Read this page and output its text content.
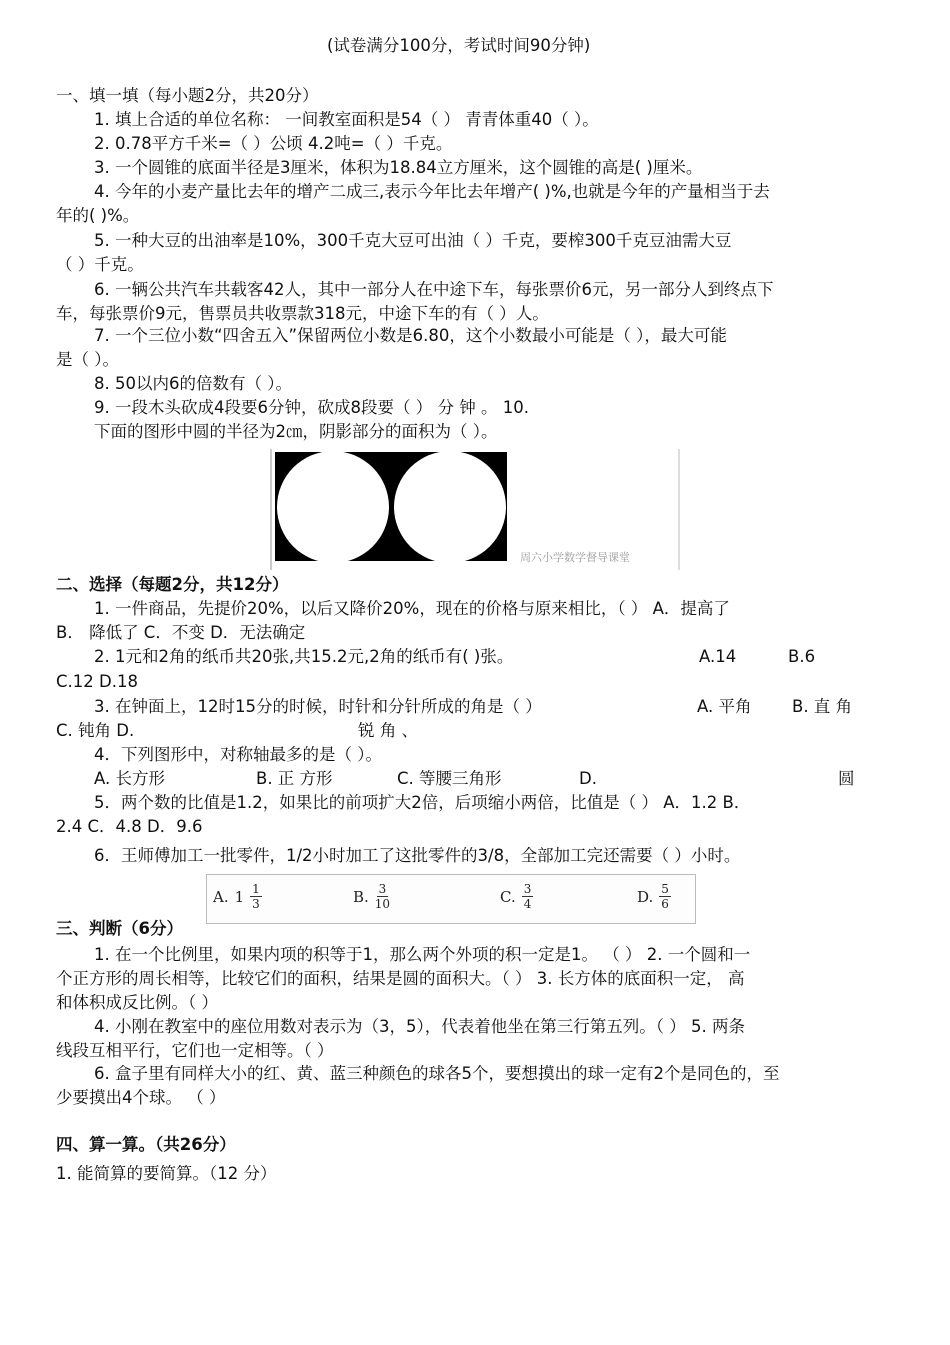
(试卷满分100分，考试时间90分钟)
一、填一填（每小题2分，共20分）
1. 填上合适的单位名称： 一间教室面积是54（ ） 青青体重40（ ）。
2. 0.78平方千米=（ ）公顷 4.2吨=（ ）千克。
3. 一个圆锥的底面半径是3厘米，体积为18.84立方厘米，这个圆锥的高是( )厘米。
4. 今年的小麦产量比去年的增产二成三,表示今年比去年增产( )%,也就是今年的产量相当于去
年的( )%。
5. 一种大豆的出油率是10%，300千克大豆可出油（ ）千克，要榨300千克豆油需大豆
（ ）千克。
6. 一辆公共汽车共载客42人，其中一部分人在中途下车，每张票价6元，另一部分人到终点下
车，每张票价9元，售票员共收票款318元，中途下车的有（ ）人。
7. 一个三位小数“四舍五入”保留两位小数是6.80，这个小数最小可能是（ ），最大可能
是（ ）。
8. 50以内6的倍数有（ ）。
9. 一段木头砍成4段要6分钟，砍成8段要（ ） 分 钟 。 10.
下面的图形中圆的半径为2㎝，阴影部分的面积为（ ）。
周六小学数学督导课堂
二、选择（每题2分，共12分）
1. 一件商品，先提价20%，以后又降价20%，现在的价格与原来相比，（ ） A．提高了
B． 降低了 C．不变 D．无法确定
2. 1元和2角的纸币共20张,共15.2元,2角的纸币有( )张。	A.14	B.6
C.12 D.18
3. 在钟面上，12时15分的时候，时针和分针所成的角是（ ）	A. 平角 B. 直 角
C. 钝角 D.	锐 角 、
4．下列图形中，对称轴最多的是（ ）。
A. 长方形	B. 正 方形	C. 等腰三角形	D.	圆
5．两个数的比值是1.2，如果比的前项扩大2倍，后项缩小两倍，比值是（ ） A．1.2 B．
2.4 C．4.8 D．9.6
6．王师傅加工一批零件，1/2小时加工了这批零件的3/8，全部加工完还需要（ ）小时。
A. $1 \frac{1}{3}$	B. $\frac{3}{10}$	C. $\frac{3}{4}$	D. $\frac{5}{6}$
三、判断（6分）
1. 在一个比例里，如果内项的积等于1，那么两个外项的积一定是1。 （ ） 2. 一个圆和一
个正方形的周长相等，比较它们的面积，结果是圆的面积大。（ ） 3. 长方体的底面积一定， 高
和体积成反比例。（ ）
4. 小刚在教室中的座位用数对表示为（3，5），代表着他坐在第三行第五列。（ ） 5. 两条
线段互相平行，它们也一定相等。（ ）
6. 盒子里有同样大小的红、黄、蓝三种颜色的球各5个，要想摸出的球一定有2个是同色的，至
少要摸出4个球。 （ ）
四、算一算。（共26分）
1. 能简算的要简算。（12 分）
